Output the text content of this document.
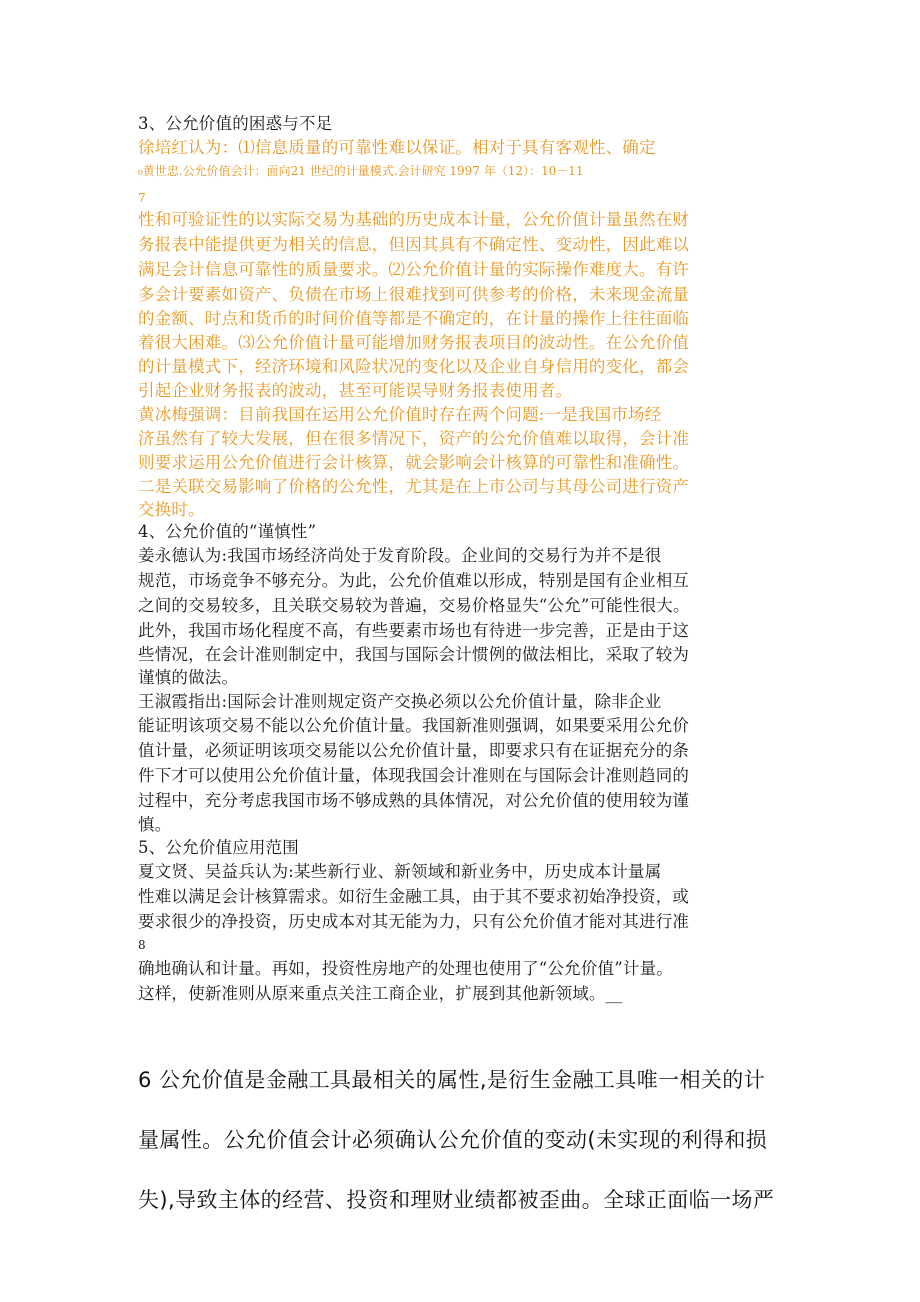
3、公允价值的困惑与不足

徐培红认为：⑴信息质量的可靠性难以保证。相对于具有客观性、确定

₀黄世忠.公允价值会计：面向21 世纪的计量模式.会计研究 1997 年（12）：10－11

7

性和可验证性的以实际交易为基础的历史成本计量，公允价值计量虽然在财

务报表中能提供更为相关的信息，但因其具有不确定性、变动性，因此难以

满足会计信息可靠性的质量要求。⑵公允价值计量的实际操作难度大。有许

多会计要素如资产、负债在市场上很难找到可供参考的价格，未来现金流量

的金额、时点和货币的时间价值等都是不确定的，在计量的操作上往往面临

着很大困难。⑶公允价值计量可能增加财务报表项目的波动性。在公允价值

的计量模式下，经济环境和风险状况的变化以及企业自身信用的变化，都会

引起企业财务报表的波动，甚至可能误导财务报表使用者。

黄冰梅强调：目前我国在运用公允价值时存在两个问题:一是我国市场经

济虽然有了较大发展，但在很多情况下，资产的公允价值难以取得，会计准

则要求运用公允价值进行会计核算，就会影响会计核算的可靠性和准确性。

二是关联交易影响了价格的公允性，尤其是在上市公司与其母公司进行资产

交换时。

4、公允价值的“谨慎性”

姜永德认为:我国市场经济尚处于发育阶段。企业间的交易行为并不是很

规范，市场竞争不够充分。为此，公允价值难以形成，特别是国有企业相互

之间的交易较多，且关联交易较为普遍，交易价格显失“公允”可能性很大。

此外，我国市场化程度不高，有些要素市场也有待进一步完善，正是由于这

些情况，在会计准则制定中，我国与国际会计惯例的做法相比，采取了较为

谨慎的做法。

王淑霞指出:国际会计准则规定资产交换必须以公允价值计量，除非企业

能证明该项交易不能以公允价值计量。我国新准则强调，如果要采用公允价

值计量，必须证明该项交易能以公允价值计量，即要求只有在证据充分的条

件下才可以使用公允价值计量，体现我国会计准则在与国际会计准则趋同的

过程中，充分考虑我国市场不够成熟的具体情况，对公允价值的使用较为谨

慎。

5、公允价值应用范围

夏文贤、吴益兵认为:某些新行业、新领域和新业务中，历史成本计量属

性难以满足会计核算需求。如衍生金融工具，由于其不要求初始净投资，或

要求很少的净投资，历史成本对其无能为力，只有公允价值才能对其进行准

8

确地确认和计量。再如，投资性房地产的处理也使用了“公允价值”计量。

这样，使新准则从原来重点关注工商企业，扩展到其他新领域。__

6 公允价值是金融工具最相关的属性,是衍生金融工具唯一相关的计

量属性。公允价值会计必须确认公允价值的变动(未实现的利得和损

失),导致主体的经营、投资和理财业绩都被歪曲。全球正面临一场严
